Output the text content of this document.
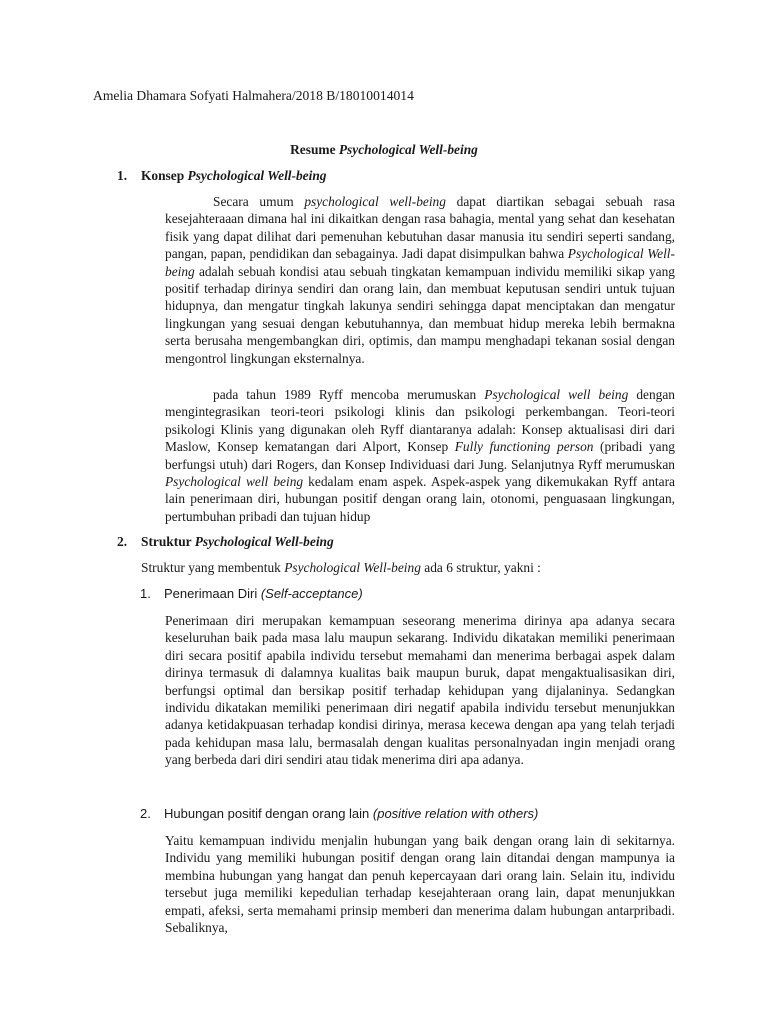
Amelia Dhamara Sofyati Halmahera/2018 B/18010014014
Resume Psychological Well-being
1. Konsep Psychological Well-being
Secara umum psychological well-being dapat diartikan sebagai sebuah rasa kesejahteraaan dimana hal ini dikaitkan dengan rasa bahagia, mental yang sehat dan kesehatan fisik yang dapat dilihat dari pemenuhan kebutuhan dasar manusia itu sendiri seperti sandang, pangan, papan, pendidikan dan sebagainya. Jadi dapat disimpulkan bahwa Psychological Well-being adalah sebuah kondisi atau sebuah tingkatan kemampuan individu memiliki sikap yang positif terhadap dirinya sendiri dan orang lain, dan membuat keputusan sendiri untuk tujuan hidupnya, dan mengatur tingkah lakunya sendiri sehingga dapat menciptakan dan mengatur lingkungan yang sesuai dengan kebutuhannya, dan membuat hidup mereka lebih bermakna serta berusaha mengembangkan diri, optimis, dan mampu menghadapi tekanan sosial dengan mengontrol lingkungan eksternalnya.
pada tahun 1989 Ryff mencoba merumuskan Psychological well being dengan mengintegrasikan teori-teori psikologi klinis dan psikologi perkembangan. Teori-teori psikologi Klinis yang digunakan oleh Ryff diantaranya adalah: Konsep aktualisasi diri dari Maslow, Konsep kematangan dari Alport, Konsep Fully functioning person (pribadi yang berfungsi utuh) dari Rogers, dan Konsep Individuasi dari Jung. Selanjutnya Ryff merumuskan Psychological well being kedalam enam aspek. Aspek-aspek yang dikemukakan Ryff antara lain penerimaan diri, hubungan positif dengan orang lain, otonomi, penguasaan lingkungan, pertumbuhan pribadi dan tujuan hidup
2. Struktur Psychological Well-being
Struktur yang membentuk Psychological Well-being ada 6 struktur, yakni :
1. Penerimaan Diri (Self-acceptance)
Penerimaan diri merupakan kemampuan seseorang menerima dirinya apa adanya secara keseluruhan baik pada masa lalu maupun sekarang. Individu dikatakan memiliki penerimaan diri secara positif apabila individu tersebut memahami dan menerima berbagai aspek dalam dirinya termasuk di dalamnya kualitas baik maupun buruk, dapat mengaktualisasikan diri, berfungsi optimal dan bersikap positif terhadap kehidupan yang dijalaninya. Sedangkan individu dikatakan memiliki penerimaan diri negatif apabila individu tersebut menunjukkan adanya ketidakpuasan terhadap kondisi dirinya, merasa kecewa dengan apa yang telah terjadi pada kehidupan masa lalu, bermasalah dengan kualitas personalnyadan ingin menjadi orang yang berbeda dari diri sendiri atau tidak menerima diri apa adanya.
2. Hubungan positif dengan orang lain (positive relation with others)
Yaitu kemampuan individu menjalin hubungan yang baik dengan orang lain di sekitarnya. Individu yang memiliki hubungan positif dengan orang lain ditandai dengan mampunya ia membina hubungan yang hangat dan penuh kepercayaan dari orang lain. Selain itu, individu tersebut juga memiliki kepedulian terhadap kesejahteraan orang lain, dapat menunjukkan empati, afeksi, serta memahami prinsip memberi dan menerima dalam hubungan antarpribadi. Sebaliknya,
